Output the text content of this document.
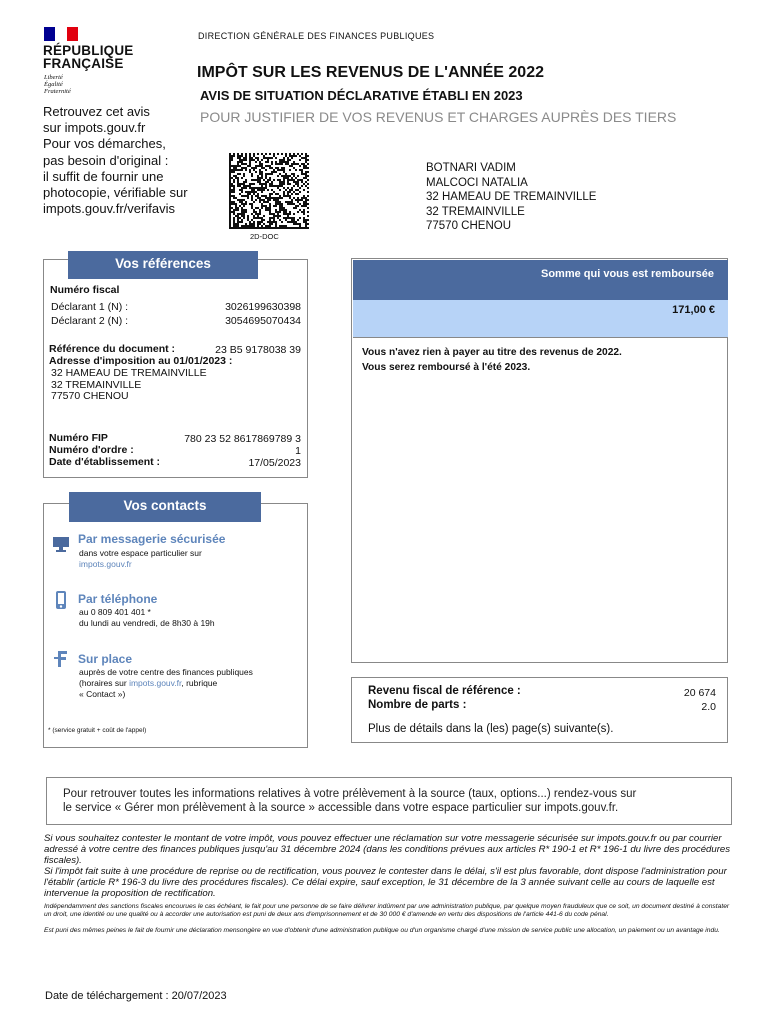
RÉPUBLIQUE
FRANÇAISE
Liberté
Égalité
Fraternité
DIRECTION GÉNÉRALE DES FINANCES PUBLIQUES
IMPÔT SUR LES REVENUS DE L'ANNÉE 2022
AVIS DE SITUATION DÉCLARATIVE ÉTABLI EN 2023
POUR JUSTIFIER DE VOS REVENUS ET CHARGES AUPRÈS DES TIERS
Retrouvez cet avis
sur impots.gouv.fr
Pour vos démarches,
pas besoin d'original :
il suffit de fournir une
photocopie, vérifiable sur
impots.gouv.fr/verifavis
2D-DOC
BOTNARI VADIM
MALCOCI NATALIA
32 HAMEAU DE TREMAINVILLE
32 TREMAINVILLE
77570 CHENOU
Vos références
Numéro fiscal
Déclarant 1 (N) :	3026199630398
Déclarant 2 (N) :	3054695070434
Référence du document :	23 B5 9178038 39
Adresse d'imposition au 01/01/2023 :
32 HAMEAU DE TREMAINVILLE
32 TREMAINVILLE
77570 CHENOU
Numéro FIP	780 23 52 8617869789 3
Numéro d'ordre :	1
Date d'établissement :	17/05/2023
Vos contacts
Par messagerie sécurisée
dans votre espace particulier sur
impots.gouv.fr
Par téléphone
au 0 809 401 401 *
du lundi au vendredi, de 8h30 à 19h
Sur place
auprès de votre centre des finances publiques
(horaires sur impots.gouv.fr, rubrique
« Contact »)
* (service gratuit + coût de l'appel)
Somme qui vous est remboursée
171,00 €
Vous n'avez rien à payer au titre des revenus de 2022.
Vous serez remboursé à l'été 2023.
Revenu fiscal de référence :	20 674
Nombre de parts :	2.0
Plus de détails dans la (les) page(s) suivante(s).
Pour retrouver toutes les informations relatives à votre prélèvement à la source (taux, options...) rendez-vous sur
le service « Gérer mon prélèvement à la source » accessible dans votre espace particulier sur impots.gouv.fr.
Si vous souhaitez contester le montant de votre impôt, vous pouvez effectuer une réclamation sur votre messagerie sécurisée sur impots.gouv.fr ou par courrier adressé à votre centre des finances publiques jusqu'au 31 décembre 2024 (dans les conditions prévues aux articles R* 190-1 et R* 196-1 du livre des procédures fiscales).
Si l'impôt fait suite à une procédure de reprise ou de rectification, vous pouvez le contester dans le délai, s'il est plus favorable, dont dispose l'administration pour l'établir (article R* 196-3 du livre des procédures fiscales). Ce délai expire, sauf exception, le 31 décembre de la 3 année suivant celle au cours de laquelle est intervenue la proposition de rectification.
Indépendamment des sanctions fiscales encourues le cas échéant, le fait pour une personne de se faire délivrer indûment par une administration publique, par quelque moyen frauduleux que ce soit, un document destiné à constater un droit, une identité ou une qualité ou à accorder une autorisation est puni de deux ans d'emprisonnement et de 30 000 € d'amende en vertu des dispositions de l'article 441-6 du code pénal.
Est puni des mêmes peines le fait de fournir une déclaration mensongère en vue d'obtenir d'une administration publique ou d'un organisme chargé d'une mission de service public une allocation, un paiement ou un avantage indu.
Date de téléchargement : 20/07/2023
